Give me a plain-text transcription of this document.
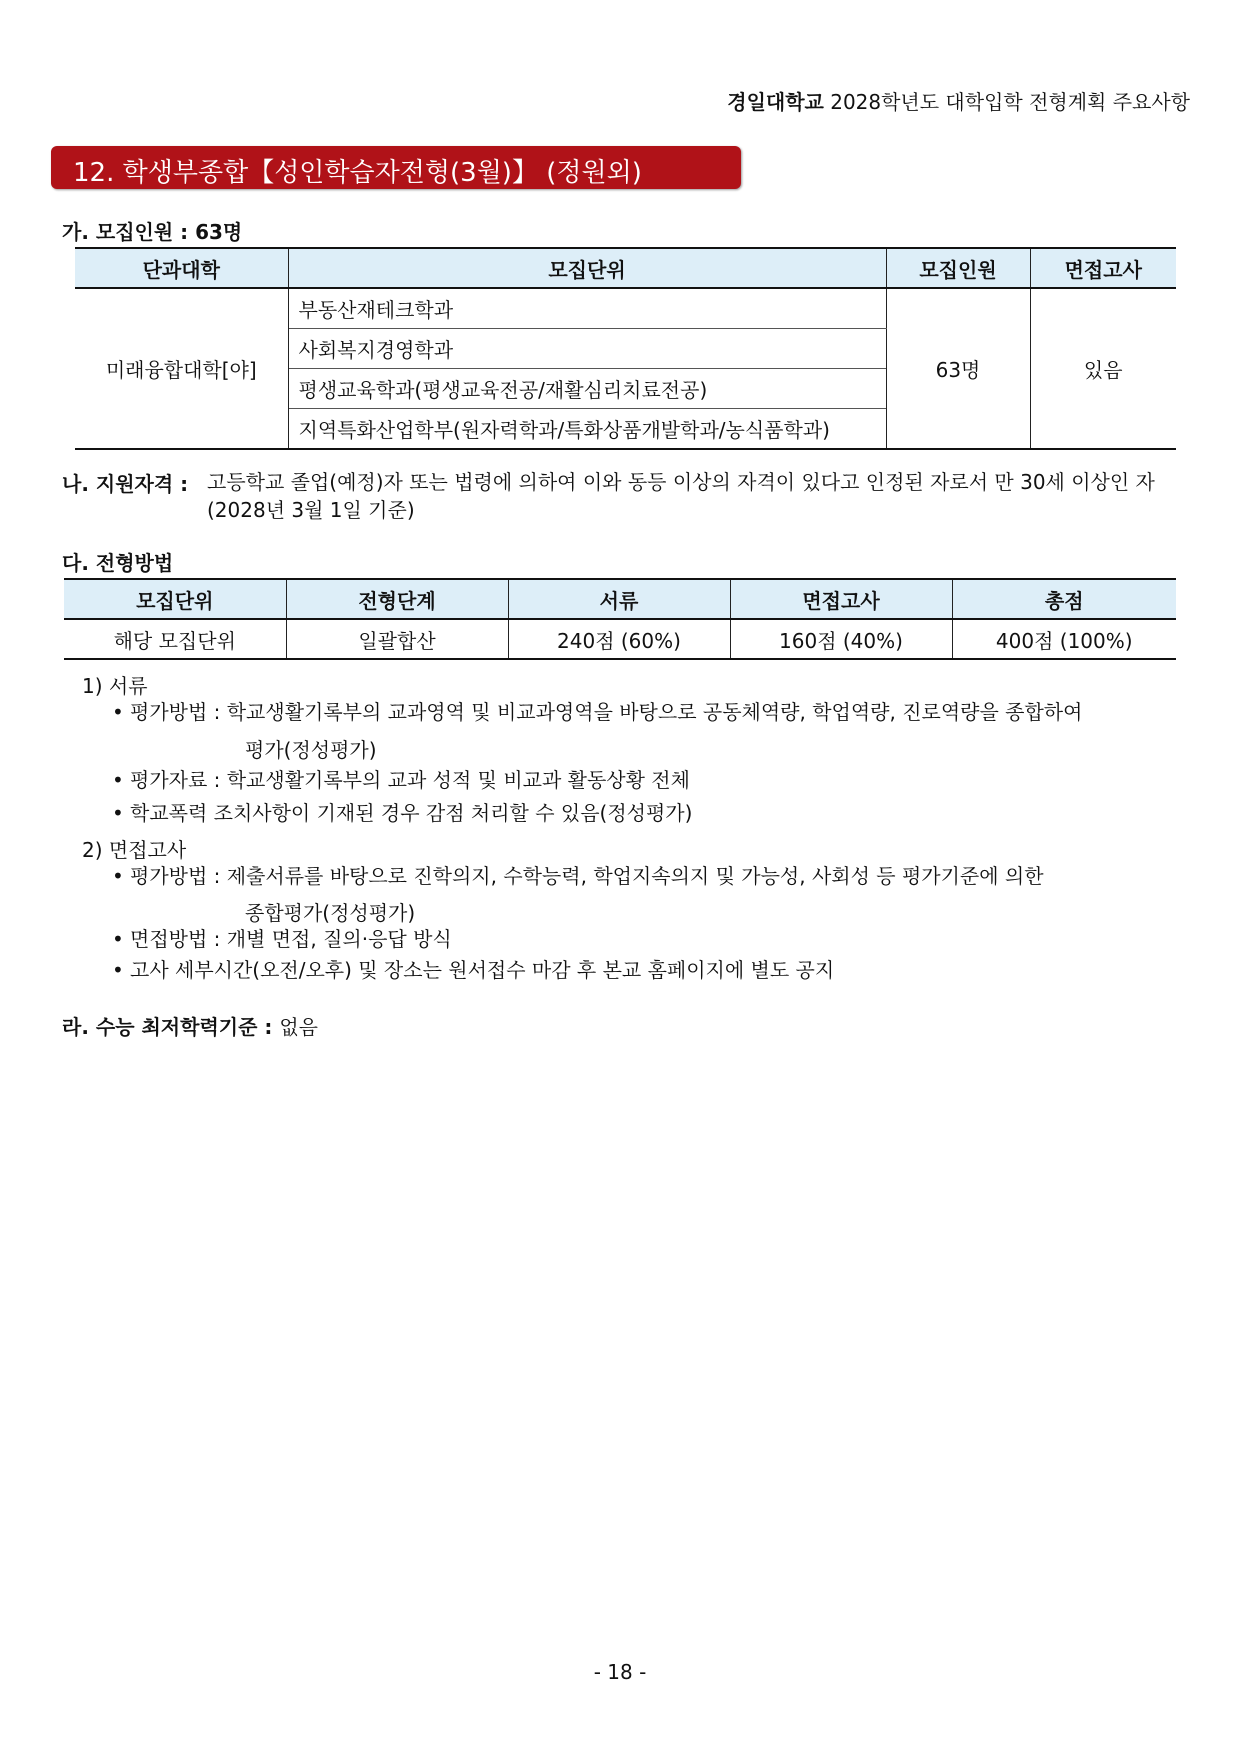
경일대학교 2028학년도 대학입학 전형계획 주요사항
12. 학생부종합【성인학습자전형(3월)】 (정원외)
가. 모집인원 : 63명
단과대학	모집단위	모집인원	면접고사
미래융합대학[야]	부동산재테크학과	63명	있음
	사회복지경영학과		
	평생교육학과(평생교육전공/재활심리치료전공)		
	지역특화산업학부(원자력학과/특화상품개발학과/농식품학과)		
나. 지원자격 : 고등학교 졸업(예정)자 또는 법령에 의하여 이와 동등 이상의 자격이 있다고 인정된 자로서 만 30세 이상인 자(2028년 3월 1일 기준)
다. 전형방법
모집단위	전형단계	서류	면접고사	총점
해당 모집단위	일괄합산	240점 (60%)	160점 (40%)	400점 (100%)
1) 서류
• 평가방법 : 학교생활기록부의 교과영역 및 비교과영역을 바탕으로 공동체역량, 학업역량, 진로역량을 종합하여
평가(정성평가)
• 평가자료 : 학교생활기록부의 교과 성적 및 비교과 활동상황 전체
• 학교폭력 조치사항이 기재된 경우 감점 처리할 수 있음(정성평가)
2) 면접고사
• 평가방법 : 제출서류를 바탕으로 진학의지, 수학능력, 학업지속의지 및 가능성, 사회성 등 평가기준에 의한
종합평가(정성평가)
• 면접방법 : 개별 면접, 질의·응답 방식
• 고사 세부시간(오전/오후) 및 장소는 원서접수 마감 후 본교 홈페이지에 별도 공지
라. 수능 최저학력기준 : 없음
- 18 -
